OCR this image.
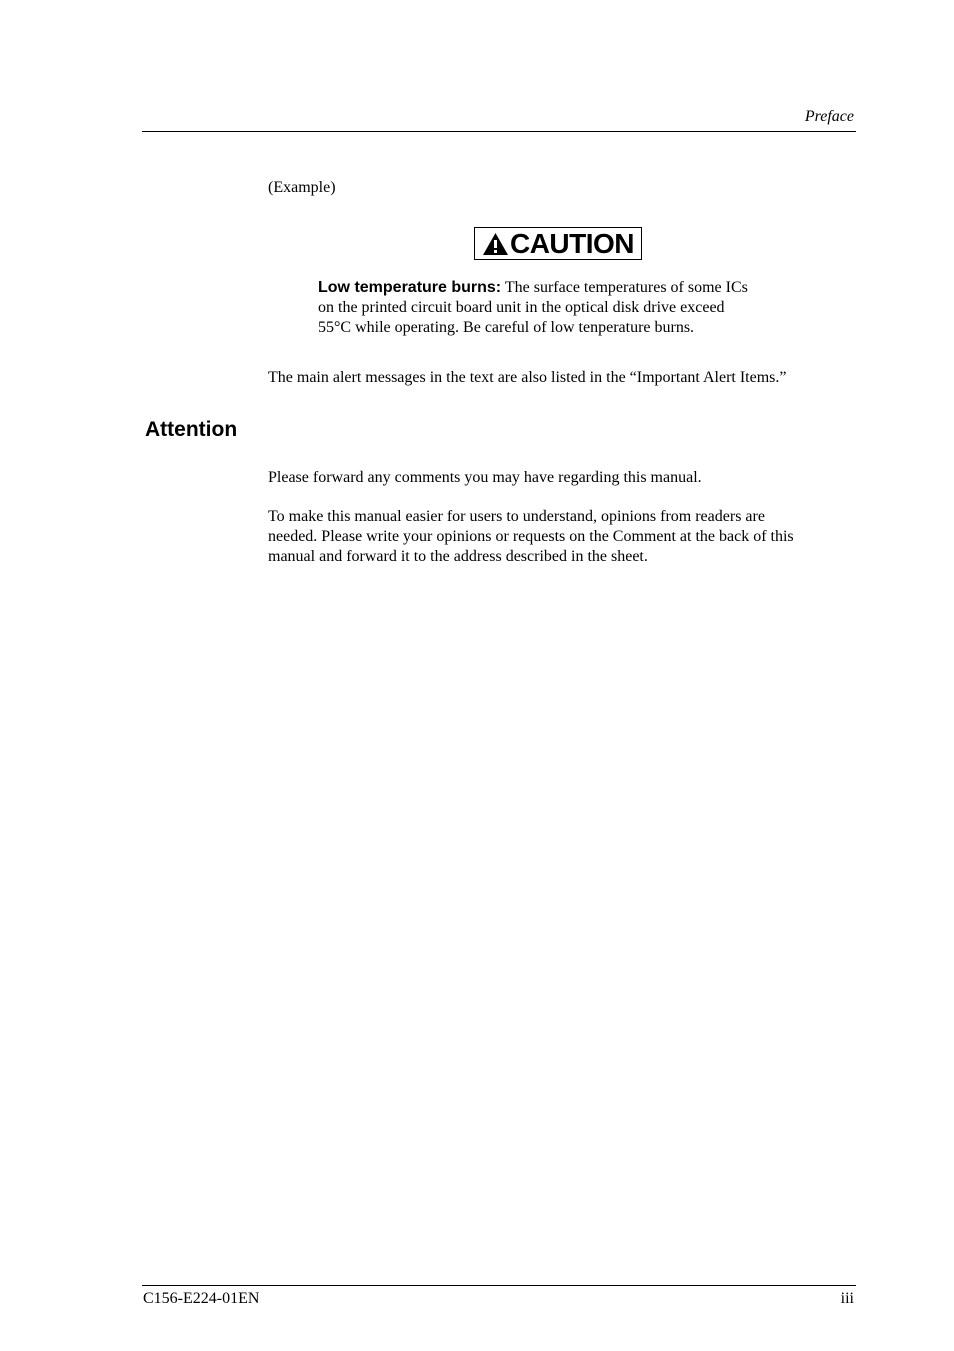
Preface
(Example)
CAUTION
Low temperature burns: The surface temperatures of some ICs
on the printed circuit board unit in the optical disk drive exceed
55°C while operating. Be careful of low tenperature burns.
The main alert messages in the text are also listed in the “Important Alert Items.”
Attention
Please forward any comments you may have regarding this manual.
To make this manual easier for users to understand, opinions from readers are
needed. Please write your opinions or requests on the Comment at the back of this
manual and forward it to the address described in the sheet.
C156-E224-01EN	iii
